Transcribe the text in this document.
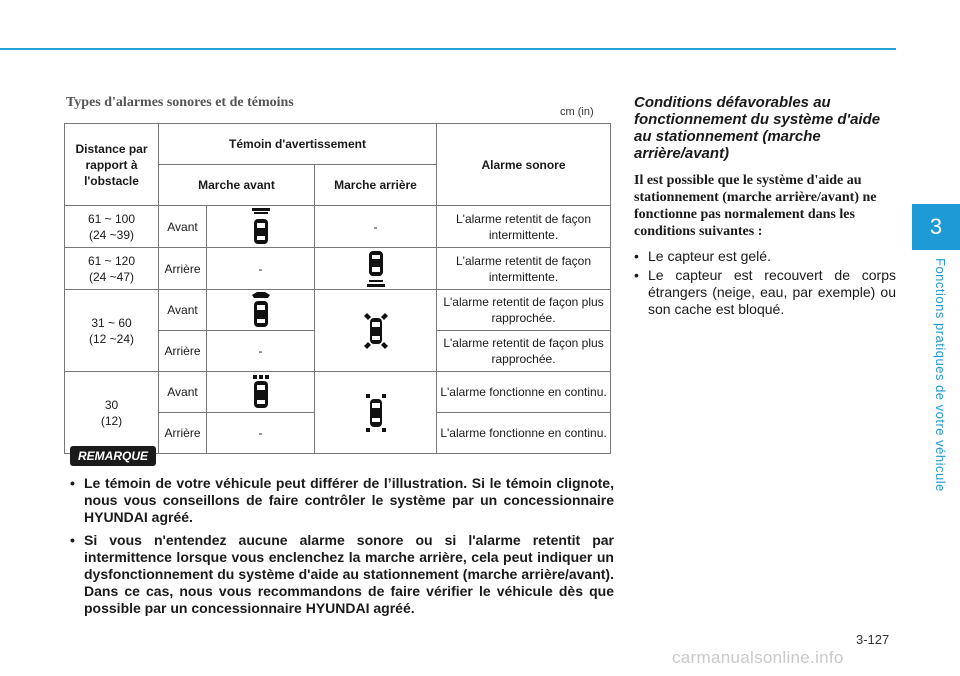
3
Fonctions pratiques de votre véhicule
Types d'alarmes sonores et de témoins
cm (in)
Distance par rapport à l'obstacle	Témoin d'avertissement			Alarme sonore
	Marche avant		Marche arrière	
61 ~ 100
(24 ~39)	Avant		-	L'alarme retentit de façon intermittente.
61 ~ 120
(24 ~47)	Arrière	-		L'alarme retentit de façon intermittente.
31 ~ 60
(12 ~24)	Avant			L'alarme retentit de façon plus rapprochée.
	Arrière	-		L'alarme retentit de façon plus rapprochée.
30
(12)	Avant			L'alarme fonctionne en continu.
	Arrière	-		L'alarme fonctionne en continu.
REMARQUE
• Le témoin de votre véhicule peut différer de l’illustration. Si le témoin clignote, nous vous conseillons de faire contrôler le système par un concessionnaire HYUNDAI agréé.
• Si vous n'entendez aucune alarme sonore ou si l'alarme retentit par intermittence lorsque vous enclenchez la marche arrière, cela peut indiquer un dysfonctionnement du système d'aide au stationnement (marche arrière/avant). Dans ce cas, nous vous recommandons de faire vérifier le véhicule dès que possible par un concessionnaire HYUNDAI agréé.
Conditions défavorables au fonctionnement du système d'aide au stationnement (marche arrière/avant)
Il est possible que le système d'aide au stationnement (marche arrière/avant) ne fonctionne pas normalement dans les conditions suivantes :
• Le capteur est gelé.
• Le capteur est recouvert de corps étrangers (neige, eau, par exemple) ou son cache est bloqué.
3-127
carmanualsonline.info
